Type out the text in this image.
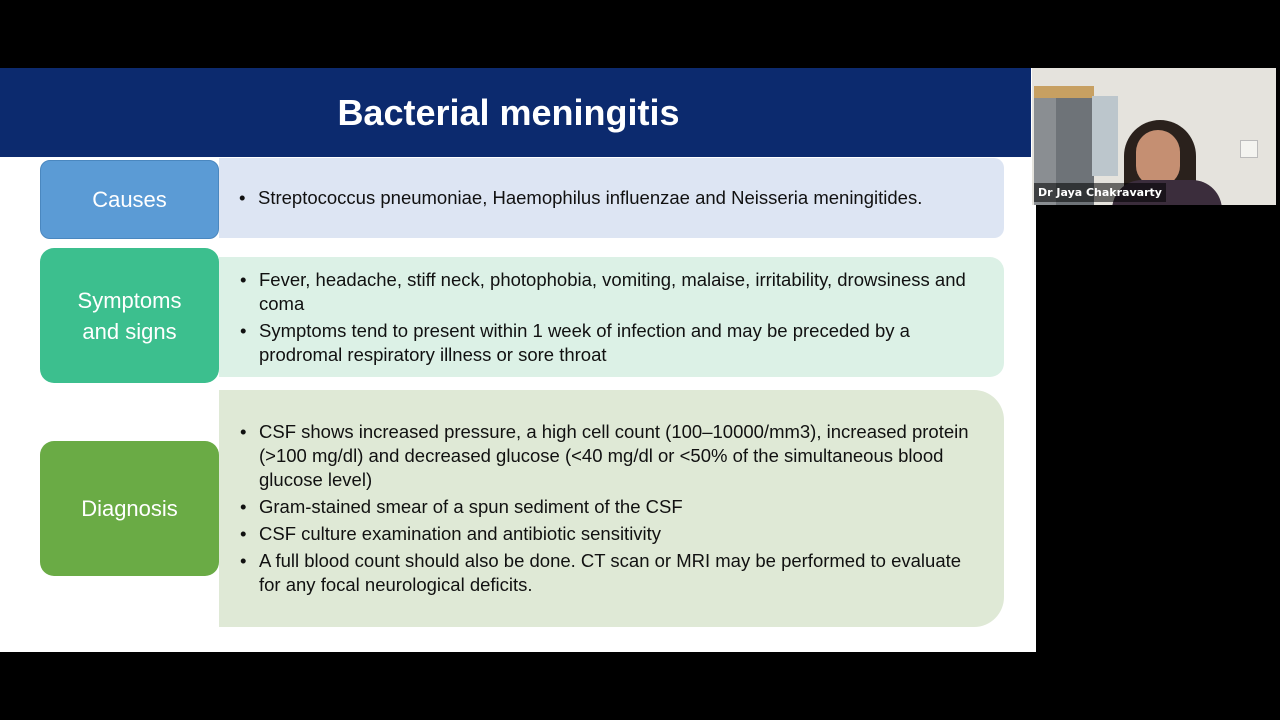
Bacterial meningitis
• Streptococcus pneumoniae, Haemophilus influenzae and Neisseria meningitides.
Causes
• Fever, headache, stiff neck, photophobia, vomiting, malaise, irritability, drowsiness and coma
• Symptoms tend to present within 1 week of infection and may be preceded by a prodromal respiratory illness or sore throat
Symptoms and signs
• CSF shows increased pressure, a high cell count (100–10000/mm3), increased protein (>100 mg/dl) and decreased glucose (<40 mg/dl or <50% of the simultaneous blood glucose level)
• Gram-stained smear of a spun sediment of the CSF
• CSF culture examination and antibiotic sensitivity
• A full blood count should also be done. CT scan or MRI may be performed to evaluate for any focal neurological deficits.
Diagnosis
Dr Jaya Chakravarty
